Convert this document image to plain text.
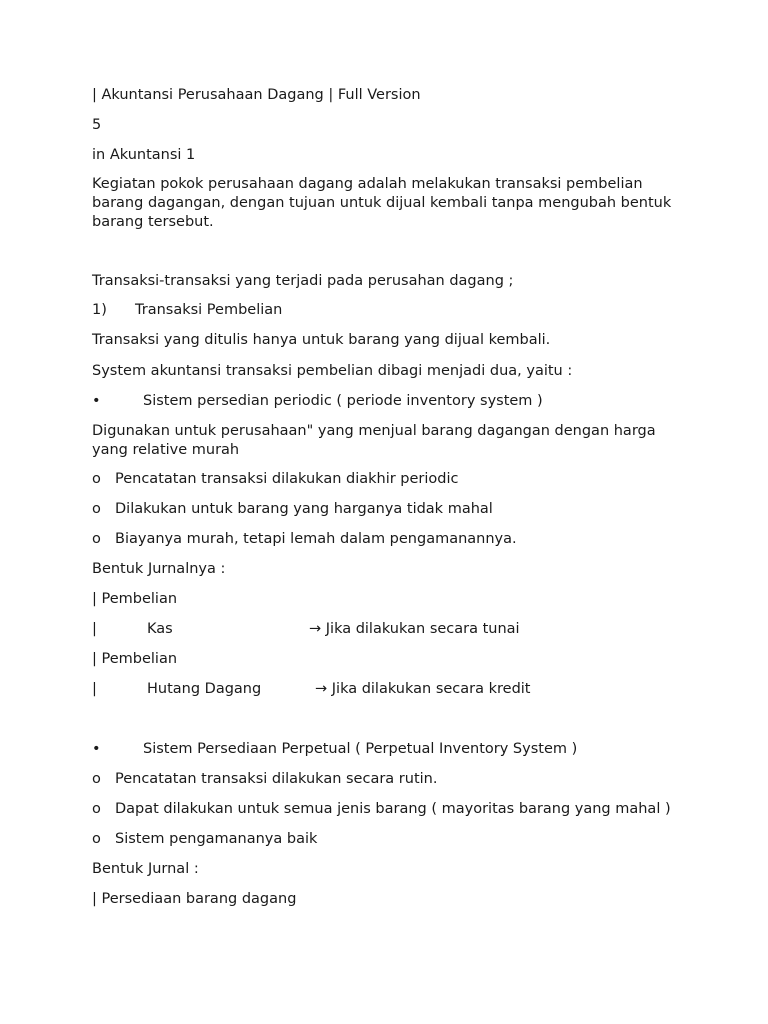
| Akuntansi Perusahaan Dagang | Full Version

5

in Akuntansi 1

Kegiatan pokok perusahaan dagang adalah melakukan transaksi pembelian barang dagangan, dengan tujuan untuk dijual kembali tanpa mengubah bentuk barang tersebut.

Transaksi-transaksi yang terjadi pada perusahan dagang ;

1) Transaksi Pembelian

Transaksi yang ditulis hanya untuk barang yang dijual kembali.

System akuntansi transaksi pembelian dibagi menjadi dua, yaitu :

•	Sistem persedian periodic ( periode inventory system )

Digunakan untuk perusahaan" yang menjual barang dagangan dengan harga yang relative murah

o Pencatatan transaksi dilakukan diakhir periodic
o Dilakukan untuk barang yang harganya tidak mahal
o Biayanya murah, tetapi lemah dalam pengamanannya.

Bentuk Jurnalnya :

| Pembelian

|	Kas	→ Jika dilakukan secara tunai

| Pembelian

|	Hutang Dagang	→ Jika dilakukan secara kredit
•	Sistem Persediaan Perpetual ( Perpetual Inventory System )
o Pencatatan transaksi dilakukan secara rutin.
o Dapat dilakukan untuk semua jenis barang ( mayoritas barang yang mahal )
o Sistem pengamananya baik

Bentuk Jurnal :

| Persediaan barang dagang
